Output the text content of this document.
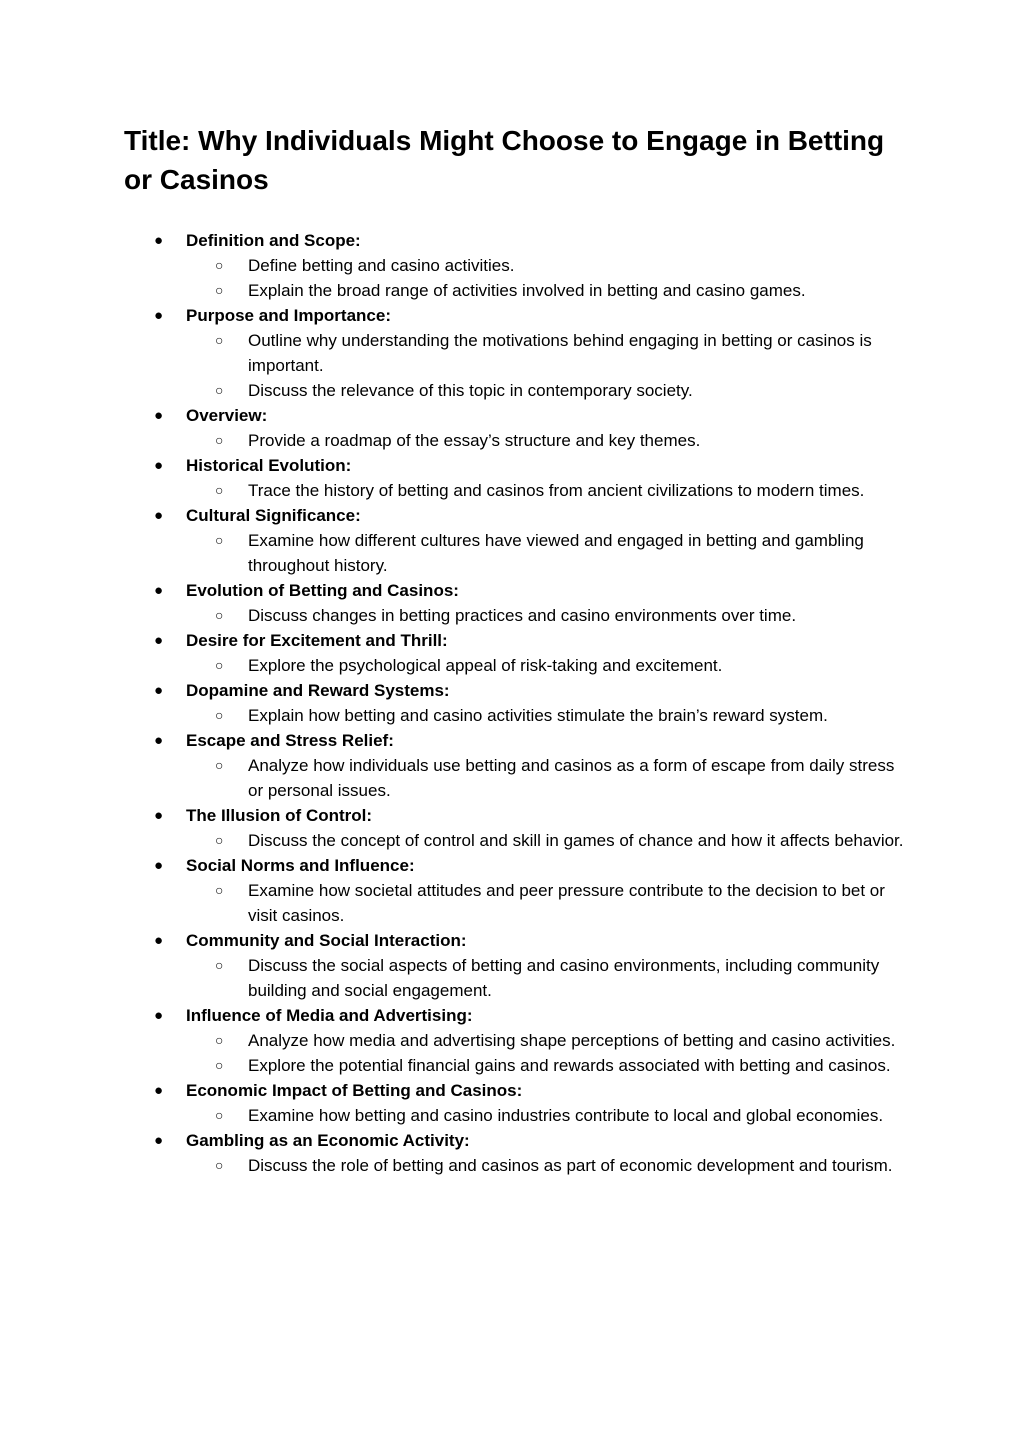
Title: Why Individuals Might Choose to Engage in Betting or Casinos
● Definition and Scope:
○ Define betting and casino activities.
○ Explain the broad range of activities involved in betting and casino games.
● Purpose and Importance:
○ Outline why understanding the motivations behind engaging in betting or casinos is important.
○ Discuss the relevance of this topic in contemporary society.
● Overview:
○ Provide a roadmap of the essay’s structure and key themes.
● Historical Evolution:
○ Trace the history of betting and casinos from ancient civilizations to modern times.
● Cultural Significance:
○ Examine how different cultures have viewed and engaged in betting and gambling throughout history.
● Evolution of Betting and Casinos:
○ Discuss changes in betting practices and casino environments over time.
● Desire for Excitement and Thrill:
○ Explore the psychological appeal of risk-taking and excitement.
● Dopamine and Reward Systems:
○ Explain how betting and casino activities stimulate the brain’s reward system.
● Escape and Stress Relief:
○ Analyze how individuals use betting and casinos as a form of escape from daily stress or personal issues.
● The Illusion of Control:
○ Discuss the concept of control and skill in games of chance and how it affects behavior.
● Social Norms and Influence:
○ Examine how societal attitudes and peer pressure contribute to the decision to bet or visit casinos.
● Community and Social Interaction:
○ Discuss the social aspects of betting and casino environments, including community building and social engagement.
● Influence of Media and Advertising:
○ Analyze how media and advertising shape perceptions of betting and casino activities.
○ Explore the potential financial gains and rewards associated with betting and casinos.
● Economic Impact of Betting and Casinos:
○ Examine how betting and casino industries contribute to local and global economies.
● Gambling as an Economic Activity:
○ Discuss the role of betting and casinos as part of economic development and tourism.
